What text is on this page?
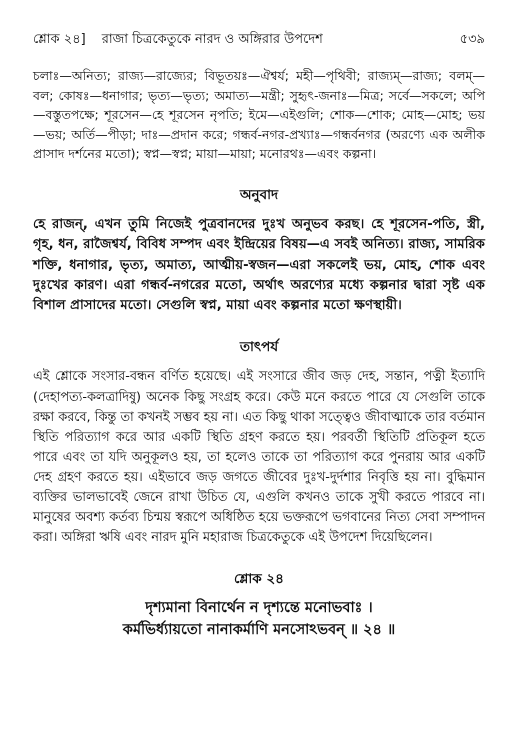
শ্লোক ২৪] রাজা চিত্রকেতুকে নারদ ও অঙ্গিরার উপদেশ	৫৩৯

চলাঃ—অনিত্য; রাজ্য—রাজ্যের; বিভূতয়ঃ—ঐশ্বর্য; মহী—পৃথিবী; রাজ্যম্—রাজ্য; বলম্—বল; কোষঃ—ধনাগার; ভৃত্য—ভৃত্য; অমাত্য—মন্ত্রী; সুহৃৎ-জনাঃ—মিত্র; সর্বে—সকলে; অপি—বস্তুতপক্ষে; শূরসেন—হে শূরসেন নৃপতি; ইমে—এইগুলি; শোক—শোক; মোহ—মোহ; ভয়—ভয়; অর্তি—পীড়া; দাঃ—প্রদান করে; গন্ধর্ব-নগর-প্রখ্যাঃ—গন্ধর্বনগর (অরণ্যে এক অলীক প্রাসাদ দর্শনের মতো); স্বপ্ন—স্বপ্ন; মায়া—মায়া; মনোরথঃ—এবং কল্পনা।

অনুবাদ

হে রাজন্, এখন তুমি নিজেই পুত্রবানদের দুঃখ অনুভব করছ। হে শূরসেন-পতি, স্ত্রী, গৃহ, ধন, রাজৈশ্বর্য, বিবিধ সম্পদ এবং ইন্দ্রিয়ের বিষয়—এ সবই অনিত্য। রাজ্য, সামরিক শক্তি, ধনাগার, ভৃত্য, অমাত্য, আত্মীয়-স্বজন—এরা সকলেই ভয়, মোহ, শোক এবং দুঃখের কারণ। এরা গন্ধর্ব-নগরের মতো, অর্থাৎ অরণ্যের মধ্যে কল্পনার দ্বারা সৃষ্ট এক বিশাল প্রাসাদের মতো। সেগুলি স্বপ্ন, মায়া এবং কল্পনার মতো ক্ষণস্থায়ী।

তাৎপর্য

এই শ্লোকে সংসার-বন্ধন বর্ণিত হয়েছে। এই সংসারে জীব জড় দেহ, সন্তান, পত্নী ইত্যাদি (দেহাপত্য-কলত্রাদিষু) অনেক কিছু সংগ্রহ করে। কেউ মনে করতে পারে যে সেগুলি তাকে রক্ষা করবে, কিন্তু তা কখনই সম্ভব হয় না। এত কিছু থাকা সত্ত্বেও জীবাত্মাকে তার বর্তমান স্থিতি পরিত্যাগ করে আর একটি স্থিতি গ্রহণ করতে হয়। পরবর্তী স্থিতিটি প্রতিকূল হতে পারে এবং তা যদি অনুকূলও হয়, তা হলেও তাকে তা পরিত্যাগ করে পুনরায় আর একটি দেহ গ্রহণ করতে হয়। এইভাবে জড় জগতে জীবের দুঃখ-দুর্দশার নিবৃত্তি হয় না। বুদ্ধিমান ব্যক্তির ভালভাবেই জেনে রাখা উচিত যে, এগুলি কখনও তাকে সুখী করতে পারবে না। মানুষের অবশ্য কর্তব্য চিন্ময় স্বরূপে অধিষ্ঠিত হয়ে ভক্তরূপে ভগবানের নিত্য সেবা সম্পাদন করা। অঙ্গিরা ঋষি এবং নারদ মুনি মহারাজ চিত্রকেতুকে এই উপদেশ দিয়েছিলেন।

শ্লোক ২৪
দৃশ্যমানা বিনার্থেন ন দৃশ্যন্তে মনোভবাঃ ।
কর্মভির্ধ্যায়তো নানাকর্মাণি মনসোঽভবন্ ॥ ২৪ ॥
